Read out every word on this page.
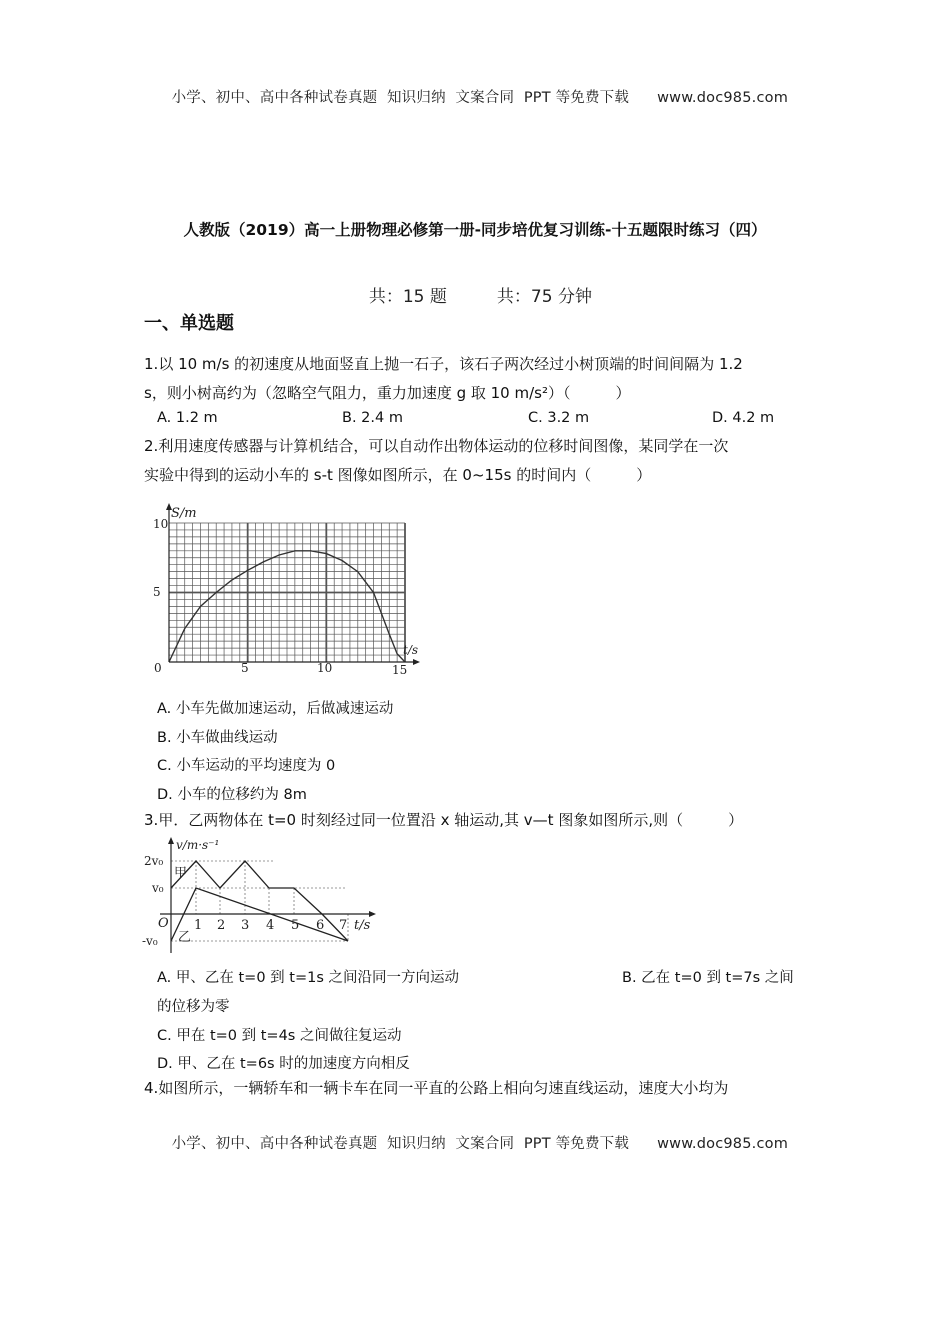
小学、初中、高中各种试卷真题  知识归纳  文案合同  PPT 等免费下载 www.doc985.com

人教版（2019）高一上册物理必修第一册-同步培优复习训练-十五题限时练习（四）

共：15 题	共：75 分钟

一、单选题
1.以 10 m/s 的初速度从地面竖直上抛一石子，该石子两次经过小树顶端的时间间隔为 1.2
s，则小树高约为（忽略空气阻力，重力加速度 g 取 10 m/s²）（　　　）
A. 1.2 m	B. 2.4 m	C. 3.2 m	D. 4.2 m
2.利用速度传感器与计算机结合，可以自动作出物体运动的位移时间图像，某同学在一次
实验中得到的运动小车的 s-t 图像如图所示，在 0~15s 的时间内（　　　）
S/m
10
5
0	5	10	15
t/s
A. 小车先做加速运动，后做减速运动
B. 小车做曲线运动
C. 小车运动的平均速度为 0
D. 小车的位移约为 8m
3.甲．乙两物体在 t=0 时刻经过同一位置沿 x 轴运动,其 v—t 图象如图所示,则（　　　）
v/m·s⁻¹
2v₀
v₀
O
-v₀
甲
乙
1 2 3 4 5 6 7 t/s
A. 甲、乙在 t=0 到 t=1s 之间沿同一方向运动	B. 乙在 t=0 到 t=7s 之间
的位移为零
C. 甲在 t=0 到 t=4s 之间做往复运动
D. 甲、乙在 t=6s 时的加速度方向相反
4.如图所示，一辆轿车和一辆卡车在同一平直的公路上相向匀速直线运动，速度大小均为

小学、初中、高中各种试卷真题  知识归纳  文案合同  PPT 等免费下载 www.doc985.com
